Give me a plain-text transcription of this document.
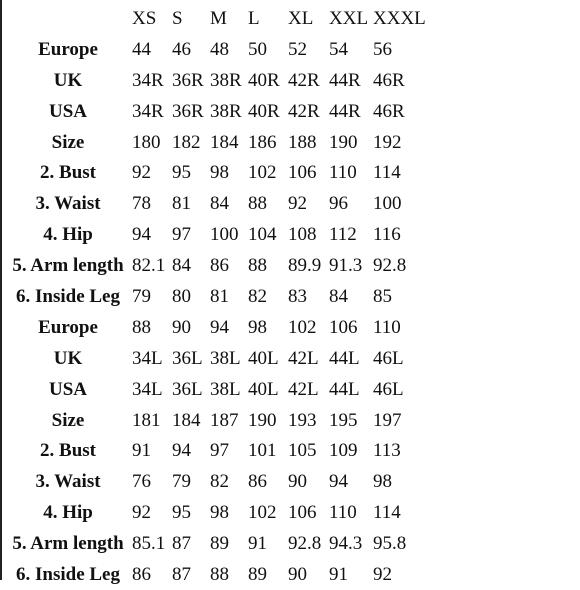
	XS	S	M	L	XL	XXL	XXXL
Europe	44	46	48	50	52	54	56
UK	34R	36R	38R	40R	42R	44R	46R
USA	34R	36R	38R	40R	42R	44R	46R
Size	180	182	184	186	188	190	192
2. Bust	92	95	98	102	106	110	114
3. Waist	78	81	84	88	92	96	100
4. Hip	94	97	100	104	108	112	116
5. Arm length	82.1	84	86	88	89.9	91.3	92.8
6. Inside Leg	79	80	81	82	83	84	85
Europe	88	90	94	98	102	106	110
UK	34L	36L	38L	40L	42L	44L	46L
USA	34L	36L	38L	40L	42L	44L	46L
Size	181	184	187	190	193	195	197
2. Bust	91	94	97	101	105	109	113
3. Waist	76	79	82	86	90	94	98
4. Hip	92	95	98	102	106	110	114
5. Arm length	85.1	87	89	91	92.8	94.3	95.8
6. Inside Leg	86	87	88	89	90	91	92
